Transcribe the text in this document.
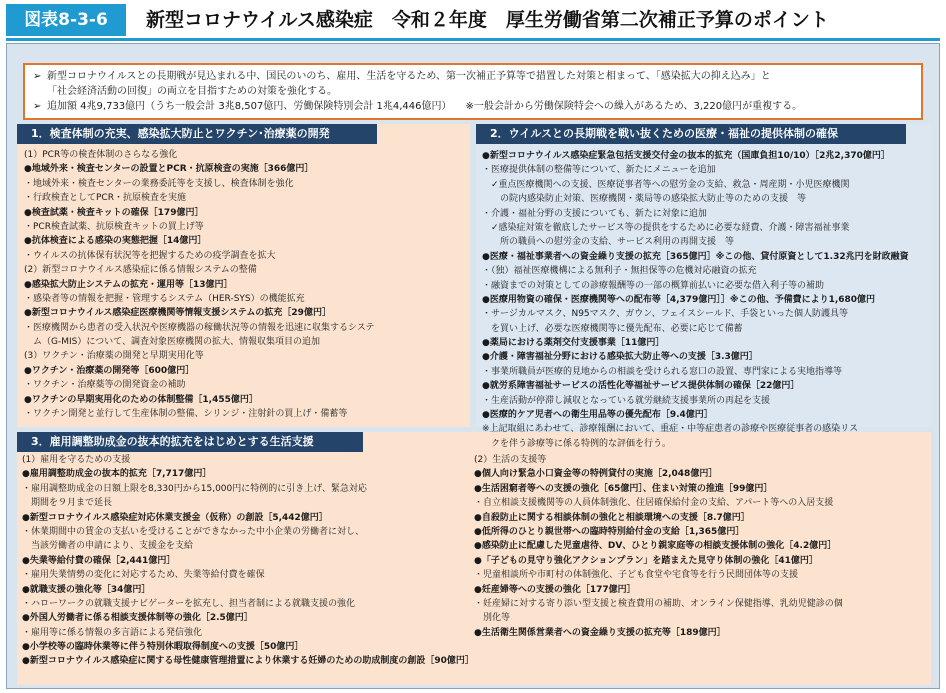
図表8-3-6	新型コロナウイルス感染症　令和２年度　厚生労働省第二次補正予算のポイント

➢ 新型コロナウイルスとの長期戦が見込まれる中、国民のいのち、雇用、生活を守るため、第一次補正予算等で措置した対策と相まって、「感染拡大の抑え込み」と

「社会経済活動の回復」の両立を目指すための対策を強化する。

➢ 追加額 4兆9,733億円（うち一般会計 3兆8,507億円、労働保険特別会計 1兆4,446億円） ※一般会計から労働保険特会への繰入があるため、3,220億円が重複する。

1．検査体制の充実、感染拡大防止とワクチン･治療薬の開発	2．ウイルスとの長期戦を戦い抜くための医療・福祉の提供体制の確保
3．雇用調整助成金の抜本的拡充をはじめとする生活支援
(1）PCR等の検査体制のさらなる強化
●地域外来・検査センターの設置とPCR・抗原検査の実施［366億円］
・地域外来・検査センターの業務委託等を支援し、検査体制を強化
・行政検査としてPCR・抗原検査を実施
●検査試薬・検査キットの確保［179億円］
・PCR検査試薬、抗原検査キットの買上げ等
●抗体検査による感染の実態把握［14億円］
・ウイルスの抗体保有状況等を把握するための疫学調査を拡大
(2）新型コロナウイルス感染症に係る情報システムの整備
●感染拡大防止システムの拡充・運用等［13億円］
・感染者等の情報を把握・管理するシステム（HER-SYS）の機能拡充
●新型コロナウイルス感染症医療機関等情報支援システムの拡充［29億円］
・医療機関から患者の受入状況や医療機器の稼働状況等の情報を迅速に収集するシステ
　ム（G-MIS）について、調査対象医療機関の拡大、情報収集項目の追加
(3）ワクチン・治療薬の開発と早期実用化等
●ワクチン・治療薬の開発等［600億円］
・ワクチン・治療薬等の開発資金の補助
●ワクチンの早期実用化のための体制整備［1,455億円］
・ワクチン開発と並行して生産体制の整備、シリンジ・注射針の買上げ・備蓄等
●新型コロナウイルス感染症緊急包括支援交付金の抜本的拡充（国庫負担10/10）［2兆2,370億円］
・医療提供体制の整備等について、新たにメニューを追加
　✓重点医療機関への支援、医療従事者等への慰労金の支給、救急・周産期・小児医療機関
　　の院内感染防止対策、医療機関・薬局等の感染拡大防止等のための支援　等
・介護・福祉分野の支援についても、新たに対象に追加
　✓感染症対策を徹底したサービス等の提供をするために必要な経費、介護・障害福祉事業
　　所の職員への慰労金の支給、サービス利用の再開支援　等
●医療・福祉事業者への資金繰り支援の拡充［365億円］※この他、貸付原資として1.32兆円を財政融資
・（独）福祉医療機構による無利子・無担保等の危機対応融資の拡充
・融資までの対策としての診療報酬等の一部の概算前払いに必要な借入利子等の補助
●医療用物資の確保・医療機関等への配布等［4,379億円］］※この他、予備費により1,680億円
・サージカルマスク、N95マスク、ガウン、フェイスシールド、手袋といった個人防護具等
　を買い上げ、必要な医療機関等に優先配布、必要に応じて備蓄
●薬局における薬剤交付支援事業［11億円］
●介護・障害福祉分野における感染拡大防止等への支援［3.3億円］
・事業所職員が医療的見地からの相談を受けられる窓口の設置、専門家による実地指導等
●就労系障害福祉サービスの活性化等福祉サービス提供体制の確保［22億円］
・生産活動が停滞し減収となっている就労継続支援事業所の再起を支援
●医療的ケア児者への衛生用品等の優先配布［9.4億円］
※上記取組にあわせて、診療報酬において、重症・中等症患者の診療や医療従事者の感染リス
　クを伴う診療等に係る特例的な評価を行う。
(1）雇用を守るための支援
●雇用調整助成金の抜本的拡充［7,717億円］
・雇用調整助成金の日額上限を8,330円から15,000円に特例的に引き上げ、緊急対応
　期間を９月まで延長
●新型コロナウイルス感染症対応休業支援金（仮称）の創設［5,442億円］
・休業期間中の賃金の支払いを受けることができなかった中小企業の労働者に対し、
　当該労働者の申請により、支援金を支給
●失業等給付費の確保［2,441億円］
・雇用失業情勢の変化に対応するため、失業等給付費を確保
●就職支援の強化等［34億円］
・ハローワークの就職支援ナビゲーターを拡充し、担当者制による就職支援の強化
●外国人労働者に係る相談支援体制等の強化［2.5億円］
・雇用等に係る情報の多言語による発信強化
●小学校等の臨時休業等に伴う特別休暇取得制度への支援［50億円］
●新型コロナウイルス感染症に関する母性健康管理措置により休業する妊婦のための助成制度の創設［90億円］
(2）生活の支援等
●個人向け緊急小口資金等の特例貸付の実施［2,048億円］
●生活困窮者等への支援の強化［65億円］、住まい対策の推進［99億円］
・自立相談支援機関等の人員体制強化、住居確保給付金の支給、アパート等への入居支援
●自殺防止に関する相談体制の強化と相談環境への支援［8.7億円］
●低所得のひとり親世帯への臨時特別給付金の支給［1,365億円］
●感染防止に配慮した児童虐待、DV、ひとり親家庭等の相談支援体制の強化［4.2億円］
●「子どもの見守り強化アクションプラン」を踏まえた見守り体制の強化［41億円］
・児童相談所や市町村の体制強化、子ども食堂や宅食等を行う民間団体等の支援
●妊産婦等への支援の強化［177億円］
・妊産婦に対する寄り添い型支援と検査費用の補助、オンライン保健指導、乳幼児健診の個
　別化等
●生活衛生関係営業者への資金繰り支援の拡充等［189億円］
